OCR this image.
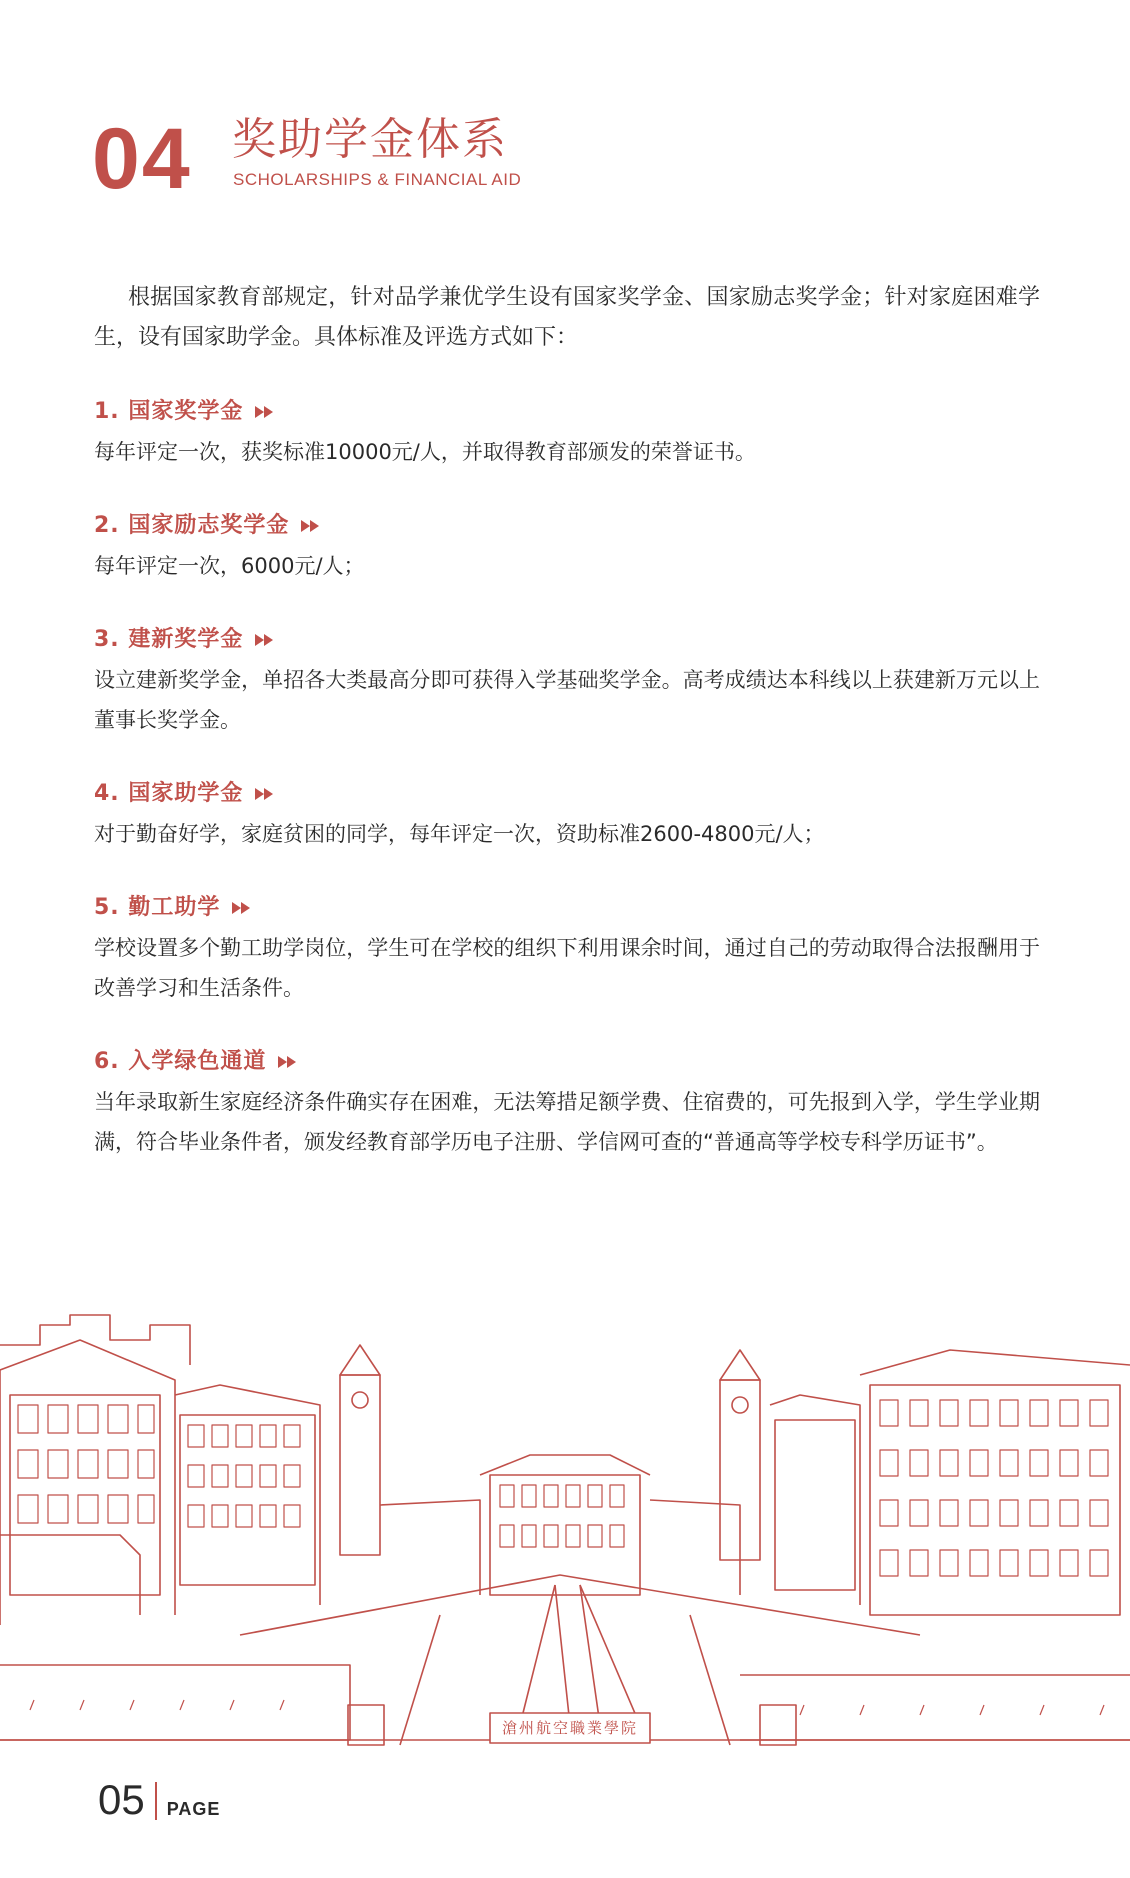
04 奖助学金体系
SCHOLARSHIPS & FINANCIAL AID

根据国家教育部规定，针对品学兼优学生设有国家奖学金、国家励志奖学金；针对家庭困难学生，设有国家助学金。具体标准及评选方式如下：

1. 国家奖学金

每年评定一次，获奖标准10000元/人，并取得教育部颁发的荣誉证书。

2. 国家励志奖学金

每年评定一次，6000元/人；

3. 建新奖学金

设立建新奖学金，单招各大类最高分即可获得入学基础奖学金。高考成绩达本科线以上获建新万元以上董事长奖学金。

4. 国家助学金

对于勤奋好学，家庭贫困的同学，每年评定一次，资助标准2600-4800元/人；

5. 勤工助学

学校设置多个勤工助学岗位，学生可在学校的组织下利用课余时间，通过自己的劳动取得合法报酬用于改善学习和生活条件。

6. 入学绿色通道

当年录取新生家庭经济条件确实存在困难，无法筹措足额学费、住宿费的，可先报到入学，学生学业期满，符合毕业条件者，颁发经教育部学历电子注册、学信网可查的“普通高等学校专科学历证书”。

滄州航空職業學院
05 PAGE
